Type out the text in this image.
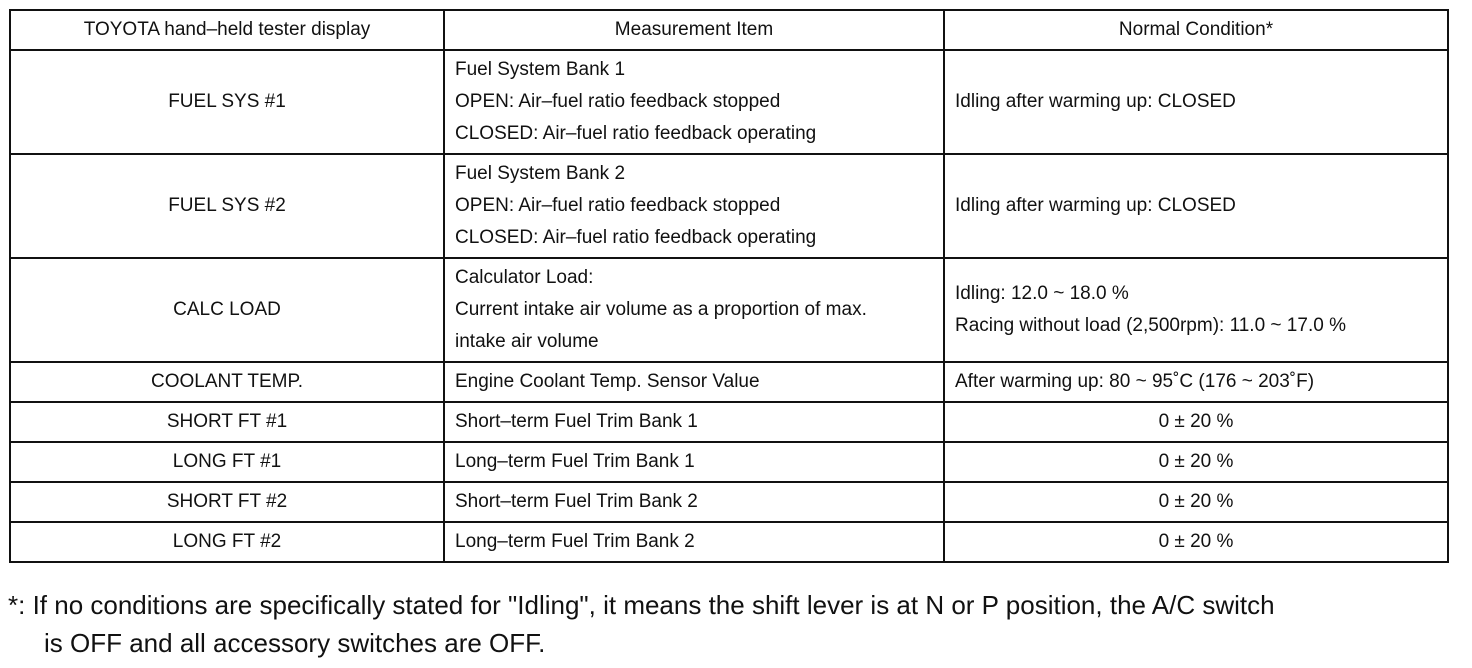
TOYOTA hand–held tester display	Measurement Item	Normal Condition*
FUEL SYS #1	Fuel System Bank 1
OPEN: Air–fuel ratio feedback stopped
CLOSED: Air–fuel ratio feedback operating	Idling after warming up: CLOSED

FUEL SYS #2	Fuel System Bank 2
OPEN: Air–fuel ratio feedback stopped
CLOSED: Air–fuel ratio feedback operating	Idling after warming up: CLOSED

CALC LOAD	Calculator Load:
Current intake air volume as a proportion of max.
intake air volume	Idling: 12.0 ~ 18.0 %
Racing without load (2,500rpm): 11.0 ~ 17.0 %

COOLANT TEMP.	Engine Coolant Temp. Sensor Value	After warming up: 80 ~ 95˚C (176 ~ 203˚F)
SHORT FT #1	Short–term Fuel Trim Bank 1	0 ± 20 %
LONG FT #1	Long–term Fuel Trim Bank 1	0 ± 20 %
SHORT FT #2	Short–term Fuel Trim Bank 2	0 ± 20 %
LONG FT #2	Long–term Fuel Trim Bank 2	0 ± 20 %
*: If no conditions are specifically stated for "Idling", it means the shift lever is at N or P position, the A/C switch
is OFF and all accessory switches are OFF.
